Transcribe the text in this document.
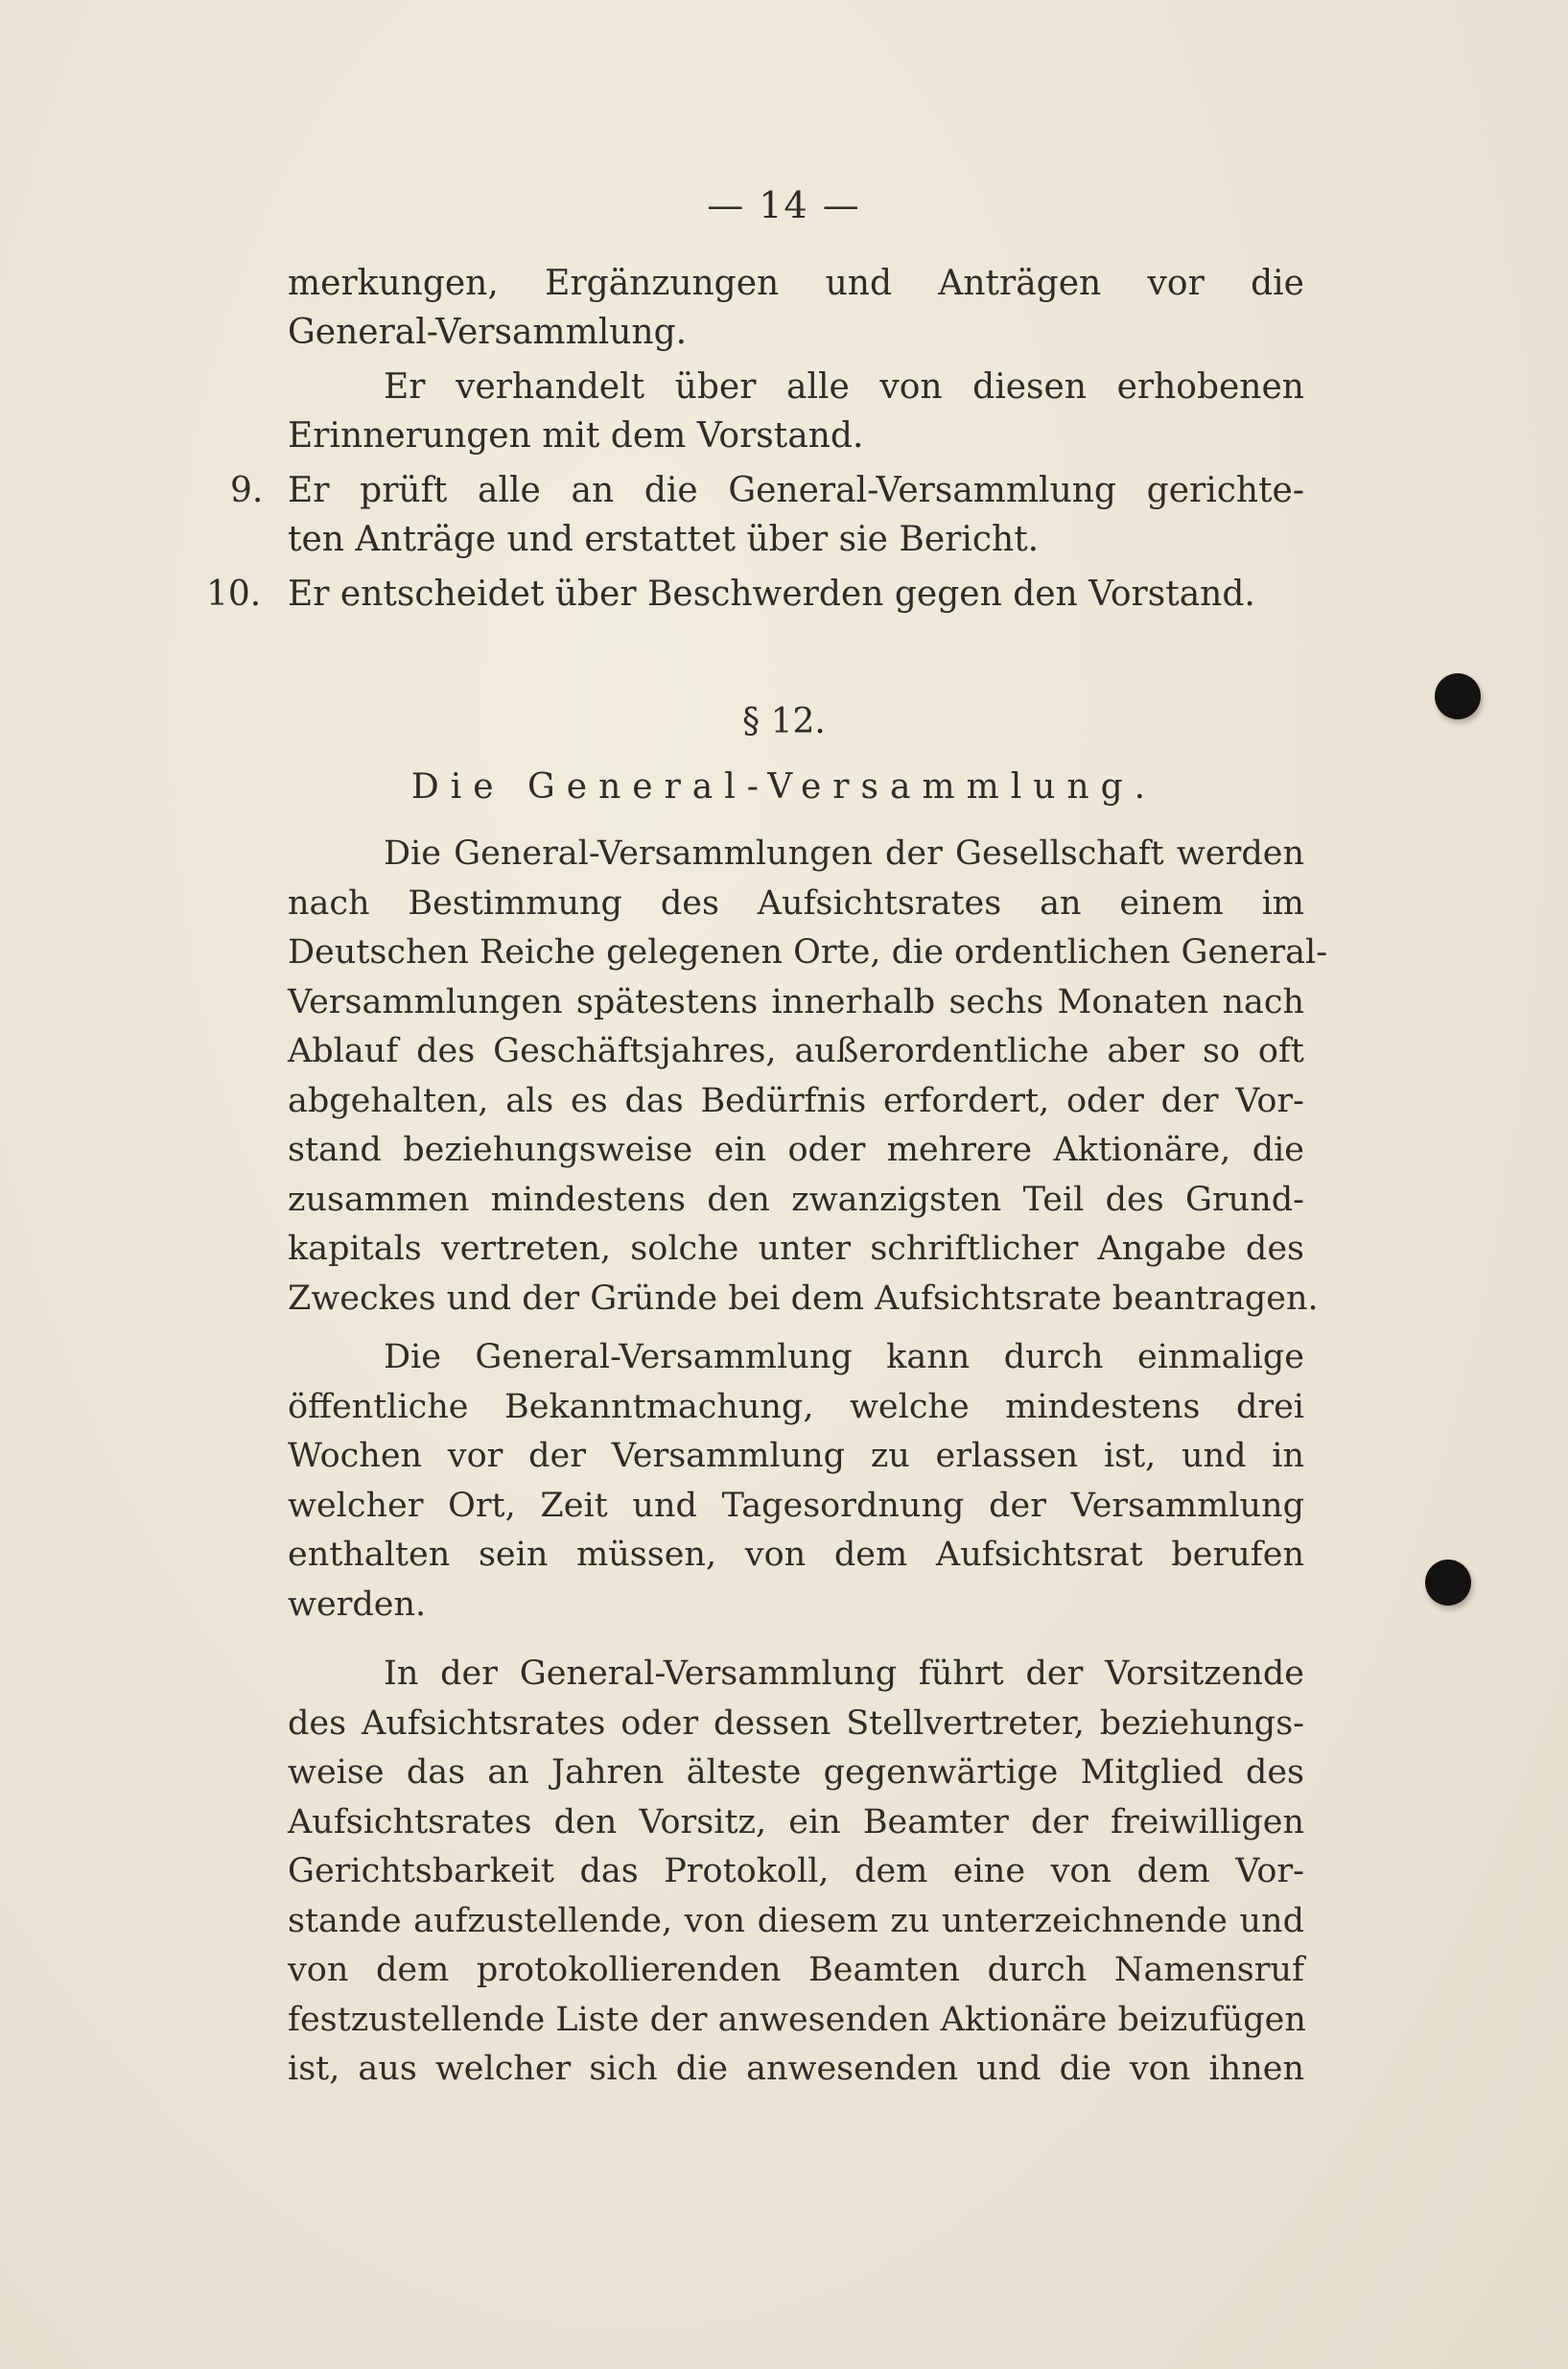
— 14 —
merkungen, Ergänzungen und Anträgen vor die
General-Versammlung.
Er verhandelt über alle von diesen erhobenen
Erinnerungen mit dem Vorstand.
9. Er prüft alle an die General-Versammlung gerichte-
ten Anträge und erstattet über sie Bericht.
10. Er entscheidet über Beschwerden gegen den Vorstand.
§ 12.
Die General-Versammlung.
Die General-Versammlungen der Gesellschaft werden
nach Bestimmung des Aufsichtsrates an einem im
Deutschen Reiche gelegenen Orte, die ordentlichen General-
Versammlungen spätestens innerhalb sechs Monaten nach
Ablauf des Geschäftsjahres, außerordentliche aber so oft
abgehalten, als es das Bedürfnis erfordert, oder der Vor-
stand beziehungsweise ein oder mehrere Aktionäre, die
zusammen mindestens den zwanzigsten Teil des Grund-
kapitals vertreten, solche unter schriftlicher Angabe des
Zweckes und der Gründe bei dem Aufsichtsrate beantragen.
Die General-Versammlung kann durch einmalige
öffentliche Bekanntmachung, welche mindestens drei
Wochen vor der Versammlung zu erlassen ist, und in
welcher Ort, Zeit und Tagesordnung der Versammlung
enthalten sein müssen, von dem Aufsichtsrat berufen
werden.
In der General-Versammlung führt der Vorsitzende
des Aufsichtsrates oder dessen Stellvertreter, beziehungs-
weise das an Jahren älteste gegenwärtige Mitglied des
Aufsichtsrates den Vorsitz, ein Beamter der freiwilligen
Gerichtsbarkeit das Protokoll, dem eine von dem Vor-
stande aufzustellende, von diesem zu unterzeichnende und
von dem protokollierenden Beamten durch Namensruf
festzustellende Liste der anwesenden Aktionäre beizufügen
ist, aus welcher sich die anwesenden und die von ihnen
